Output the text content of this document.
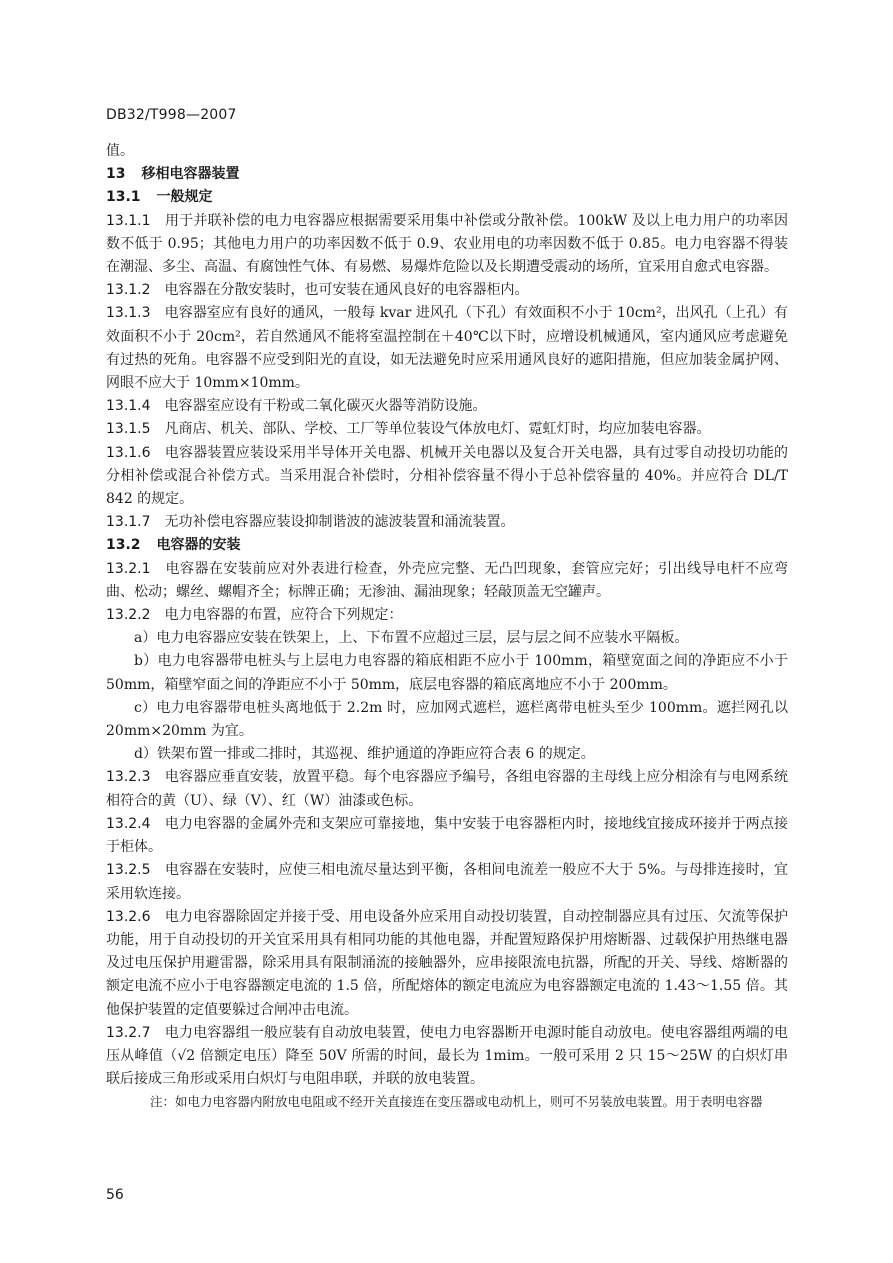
DB32/T998—2007

值。

13 移相电容器装置

13.1 一般规定

13.1.1　 用于并联补偿的电力电容器应根据需要采用集中补偿或分散补偿。100kW 及以上电力用户的功率因数不低于 0.95；其他电力用户的功率因数不低于 0.9、农业用电的功率因数不低于 0.85。电力电容器不得装在潮湿、多尘、高温、有腐蚀性气体、有易燃、易爆炸危险以及长期遭受震动的场所，宜采用自愈式电容器。

13.1.2　 电容器在分散安装时，也可安装在通风良好的电容器柜内。

13.1.3　 电容器室应有良好的通风，一般每 kvar 进风孔（下孔）有效面积不小于 10cm²，出风孔（上孔）有效面积不小于 20cm²，若自然通风不能将室温控制在＋40℃以下时，应增设机械通风，室内通风应考虑避免有过热的死角。电容器不应受到阳光的直设，如无法避免时应采用通风良好的遮阳措施，但应加装金属护网、网眼不应大于 10mm×10mm。

13.1.4　 电容器室应设有干粉或二氧化碳灭火器等消防设施。

13.1.5　 凡商店、机关、部队、学校、工厂等单位装设气体放电灯、霓虹灯时，均应加装电容器。

13.1.6　 电容器装置应装设采用半导体开关电器、机械开关电器以及复合开关电器，具有过零自动投切功能的分相补偿或混合补偿方式。当采用混合补偿时，分相补偿容量不得小于总补偿容量的 40%。并应符合 DL/T 842 的规定。

13.1.7　 无功补偿电容器应装设抑制谐波的滤波装置和涌流装置。

13.2 电容器的安装

13.2.1　 电容器在安装前应对外表进行检查，外壳应完整、无凸凹现象，套管应完好；引出线导电杆不应弯曲、松动；螺丝、螺帽齐全；标牌正确；无渗油、漏油现象；轻敲顶盖无空罐声。

13.2.2　 电力电容器的布置，应符合下列规定：

a）电力电容器应安装在铁架上，上、下布置不应超过三层，层与层之间不应装水平隔板。

b）电力电容器带电桩头与上层电力电容器的箱底相距不应小于 100mm，箱壁宽面之间的净距应不小于 50mm，箱壁窄面之间的净距应不小于 50mm，底层电容器的箱底离地应不小于 200mm。

c）电力电容器带电桩头离地低于 2.2m 时，应加网式遮栏，遮栏离带电桩头至少 100mm。遮拦网孔以 20mm×20mm 为宜。

d）铁架布置一排或二排时，其巡视、维护通道的净距应符合表 6 的规定。

13.2.3　 电容器应垂直安装，放置平稳。每个电容器应予编号，各组电容器的主母线上应分相涂有与电网系统相符合的黄（U）、绿（V）、红（W）油漆或色标。

13.2.4　 电力电容器的金属外壳和支架应可靠接地，集中安装于电容器柜内时，接地线宜接成环接并于两点接于柜体。

13.2.5　 电容器在安装时，应使三相电流尽量达到平衡，各相间电流差一般应不大于 5%。与母排连接时，宜采用软连接。

13.2.6　 电力电容器除固定并接于受、用电设备外应采用自动投切装置，自动控制器应具有过压、欠流等保护功能，用于自动投切的开关宜采用具有相同功能的其他电器，并配置短路保护用熔断器、过载保护用热继电器及过电压保护用避雷器，除采用具有限制涌流的接触器外，应串接限流电抗器，所配的开关、导线、熔断器的额定电流不应小于电容器额定电流的 1.5 倍，所配熔体的额定电流应为电容器额定电流的 1.43～1.55 倍。其他保护装置的定值要躲过合闸冲击电流。

13.2.7　 电力电容器组一般应装有自动放电装置，使电力电容器断开电源时能自动放电。使电容器组两端的电压从峰值（√2 倍额定电压）降至 50V 所需的时间，最长为 1mim。一般可采用 2 只 15～25W 的白炽灯串联后接成三角形或采用白炽灯与电阻串联，并联的放电装置。

注：如电力电容器内附放电电阻或不经开关直接连在变压器或电动机上，则可不另装放电装置。用于表明电容器

56
